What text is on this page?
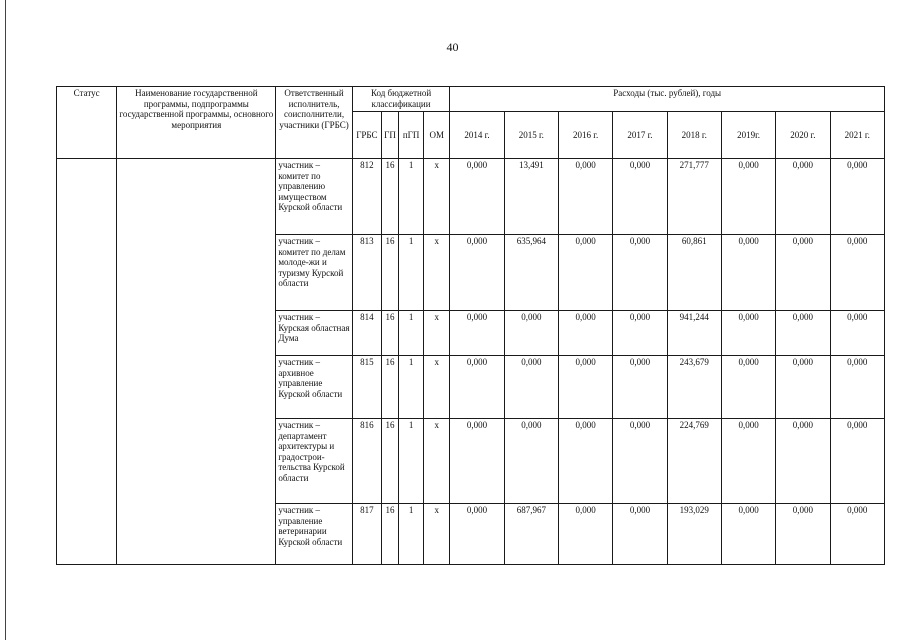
40
Статус	Наименование государственной программы, подпрограммы государственной программы, основного мероприятия	Ответственный исполнитель, соисполнители, участники (ГРБС)	Код бюджетной классификации				Расходы (тыс. рублей), годы							
			ГРБС	ГП	пГП	ОМ	2014 г.	2015 г.	2016 г.	2017 г.	2018 г.	2019г.	2020 г.	2021 г.
		участник – комитет по управлению имуществом Курской области	812	16	1	х	0,000	13,491	0,000	0,000	271,777	0,000	0,000	0,000
		участник – комитет по делам молоде-жи и туризму Курской области	813	16	1	х	0,000	635,964	0,000	0,000	60,861	0,000	0,000	0,000
		участник – Курская областная Дума	814	16	1	х	0,000	0,000	0,000	0,000	941,244	0,000	0,000	0,000
		участник – архивное управление Курской области	815	16	1	х	0,000	0,000	0,000	0,000	243,679	0,000	0,000	0,000
		участник – департамент архитектуры и градострои-тельства Курской области	816	16	1	х	0,000	0,000	0,000	0,000	224,769	0,000	0,000	0,000
		участник – управление ветеринарии Курской области	817	16	1	х	0,000	687,967	0,000	0,000	193,029	0,000	0,000	0,000
